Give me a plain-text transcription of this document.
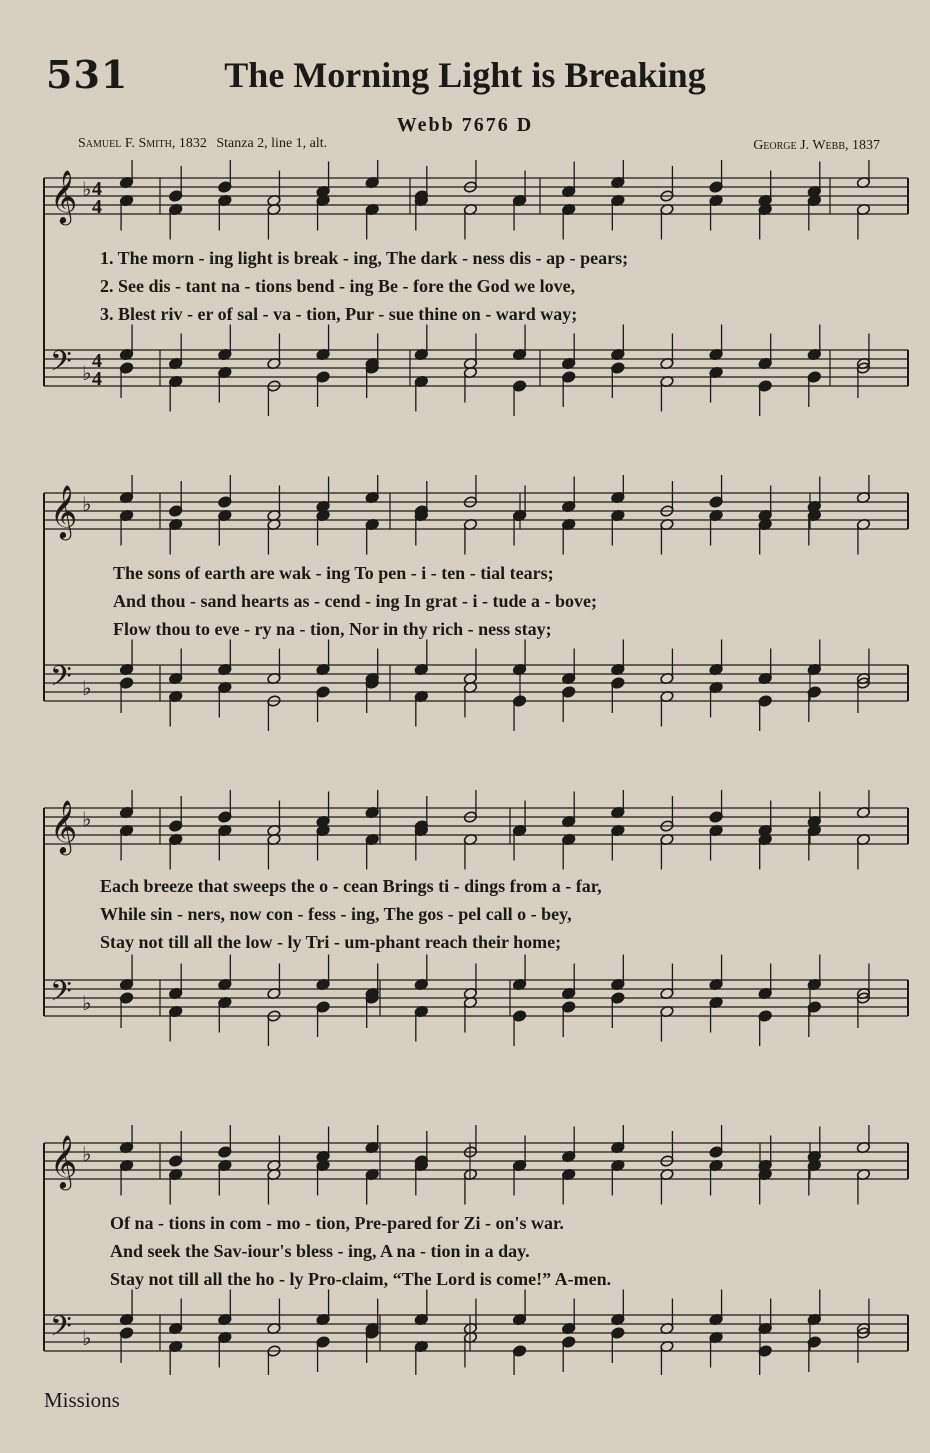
531	The Morning Light is Breaking
Webb 7676 D
Samuel F. Smith, 1832 Stanza 2, line 1, alt.	George J. Webb, 1837
𝄞 ♭
𝄢 ♭
4
4
4
4
1. The morn - ing light is break - ing, The dark - ness dis - ap - pears;
2. See dis - tant na - tions bend - ing Be - fore the God we love,
3. Blest riv - er of sal - va - tion, Pur - sue thine on - ward way;
𝄞 ♭
𝄢 ♭
The sons of earth are wak - ing To pen - i - ten - tial tears;
And thou - sand hearts as - cend - ing In grat - i - tude a - bove;
Flow thou to eve - ry na - tion, Nor in thy rich - ness stay;
𝄞 ♭
𝄢 ♭
Each breeze that sweeps the o - cean Brings ti - dings from a - far,
While sin - ners, now con - fess - ing, The gos - pel call o - bey,
Stay not till all the low - ly Tri - um-phant reach their home;
𝄞 ♭
𝄢 ♭
Of na - tions in com - mo - tion, Pre-pared for Zi - on's war.
And seek the Sav-iour's bless - ing, A na - tion in a day.
Stay not till all the ho - ly Pro-claim, “The Lord is come!” A-men.
Missions
